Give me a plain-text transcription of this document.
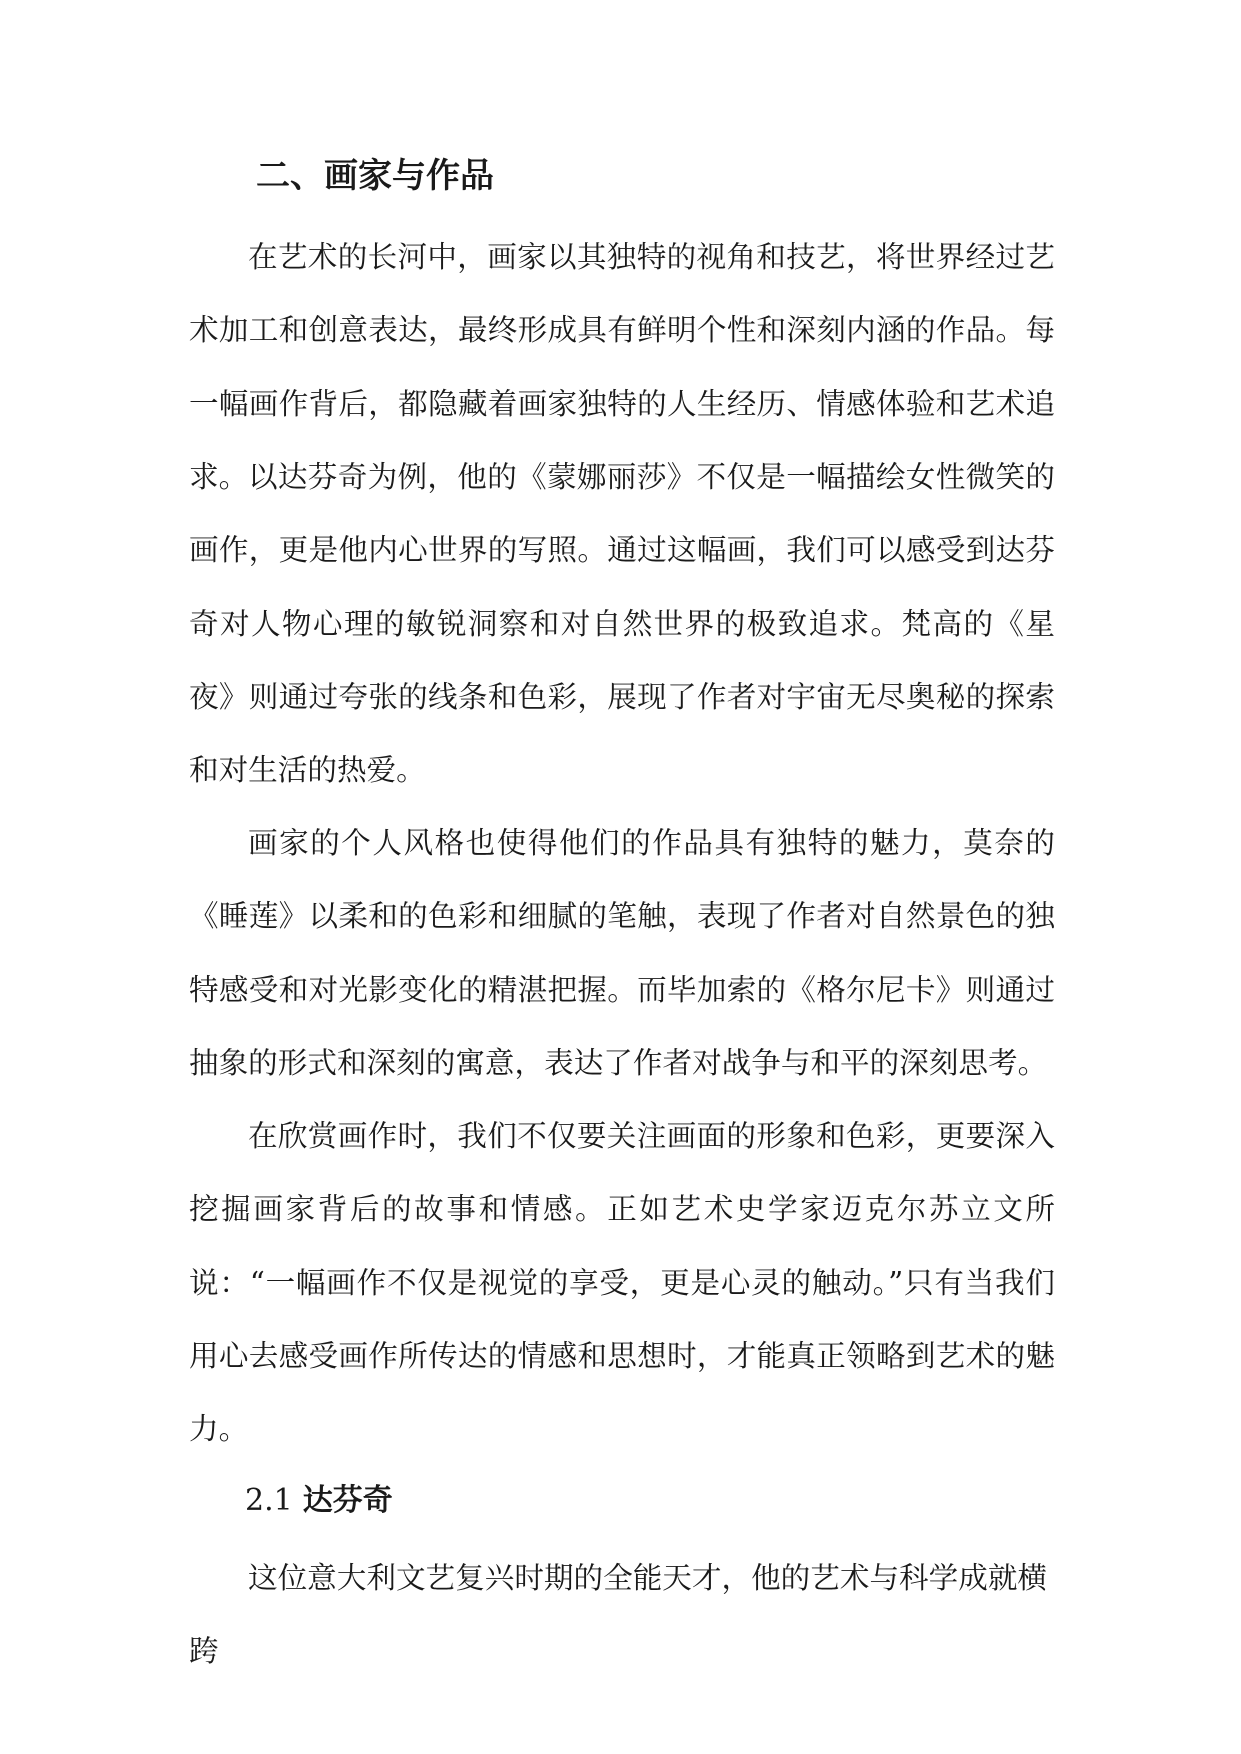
二、画家与作品

在艺术的长河中，画家以其独特的视角和技艺，将世界经过艺术加工和创意表达，最终形成具有鲜明个性和深刻内涵的作品。每一幅画作背后，都隐藏着画家独特的人生经历、情感体验和艺术追求。 以达芬奇为例，他的《蒙娜丽莎》不仅是一幅描绘女性微笑的画作，更是他内心世界的写照。通过这幅画，我们可以感受到达芬奇对人物心理的敏锐洞察和对自然世界的极致追求。梵高的《星夜》则通过夸张的线条和色彩，展现了作者对宇宙无尽奥秘的探索和对生活的热爱。

画家的个人风格也使得他们的作品具有独特的魅力，莫奈的《睡莲》以柔和的色彩和细腻的笔触，表现了作者对自然景色的独特感受和对光影变化的精湛把握。而毕加索的《格尔尼卡》则通过抽象的形式和深刻的寓意，表达了作者对战争与和平的深刻思考。

在欣赏画作时，我们不仅要关注画面的形象和色彩，更要深入挖掘画家背后的故事和情感。正如艺术史学家迈克尔苏立文所说：“一幅画作不仅是视觉的享受，更是心灵的触动。”只有当我们用心去感受画作所传达的情感和思想时，才能真正领略到艺术的魅力。

2.1 达芬奇

这位意大利文艺复兴时期的全能天才，他的艺术与科学成就横跨
